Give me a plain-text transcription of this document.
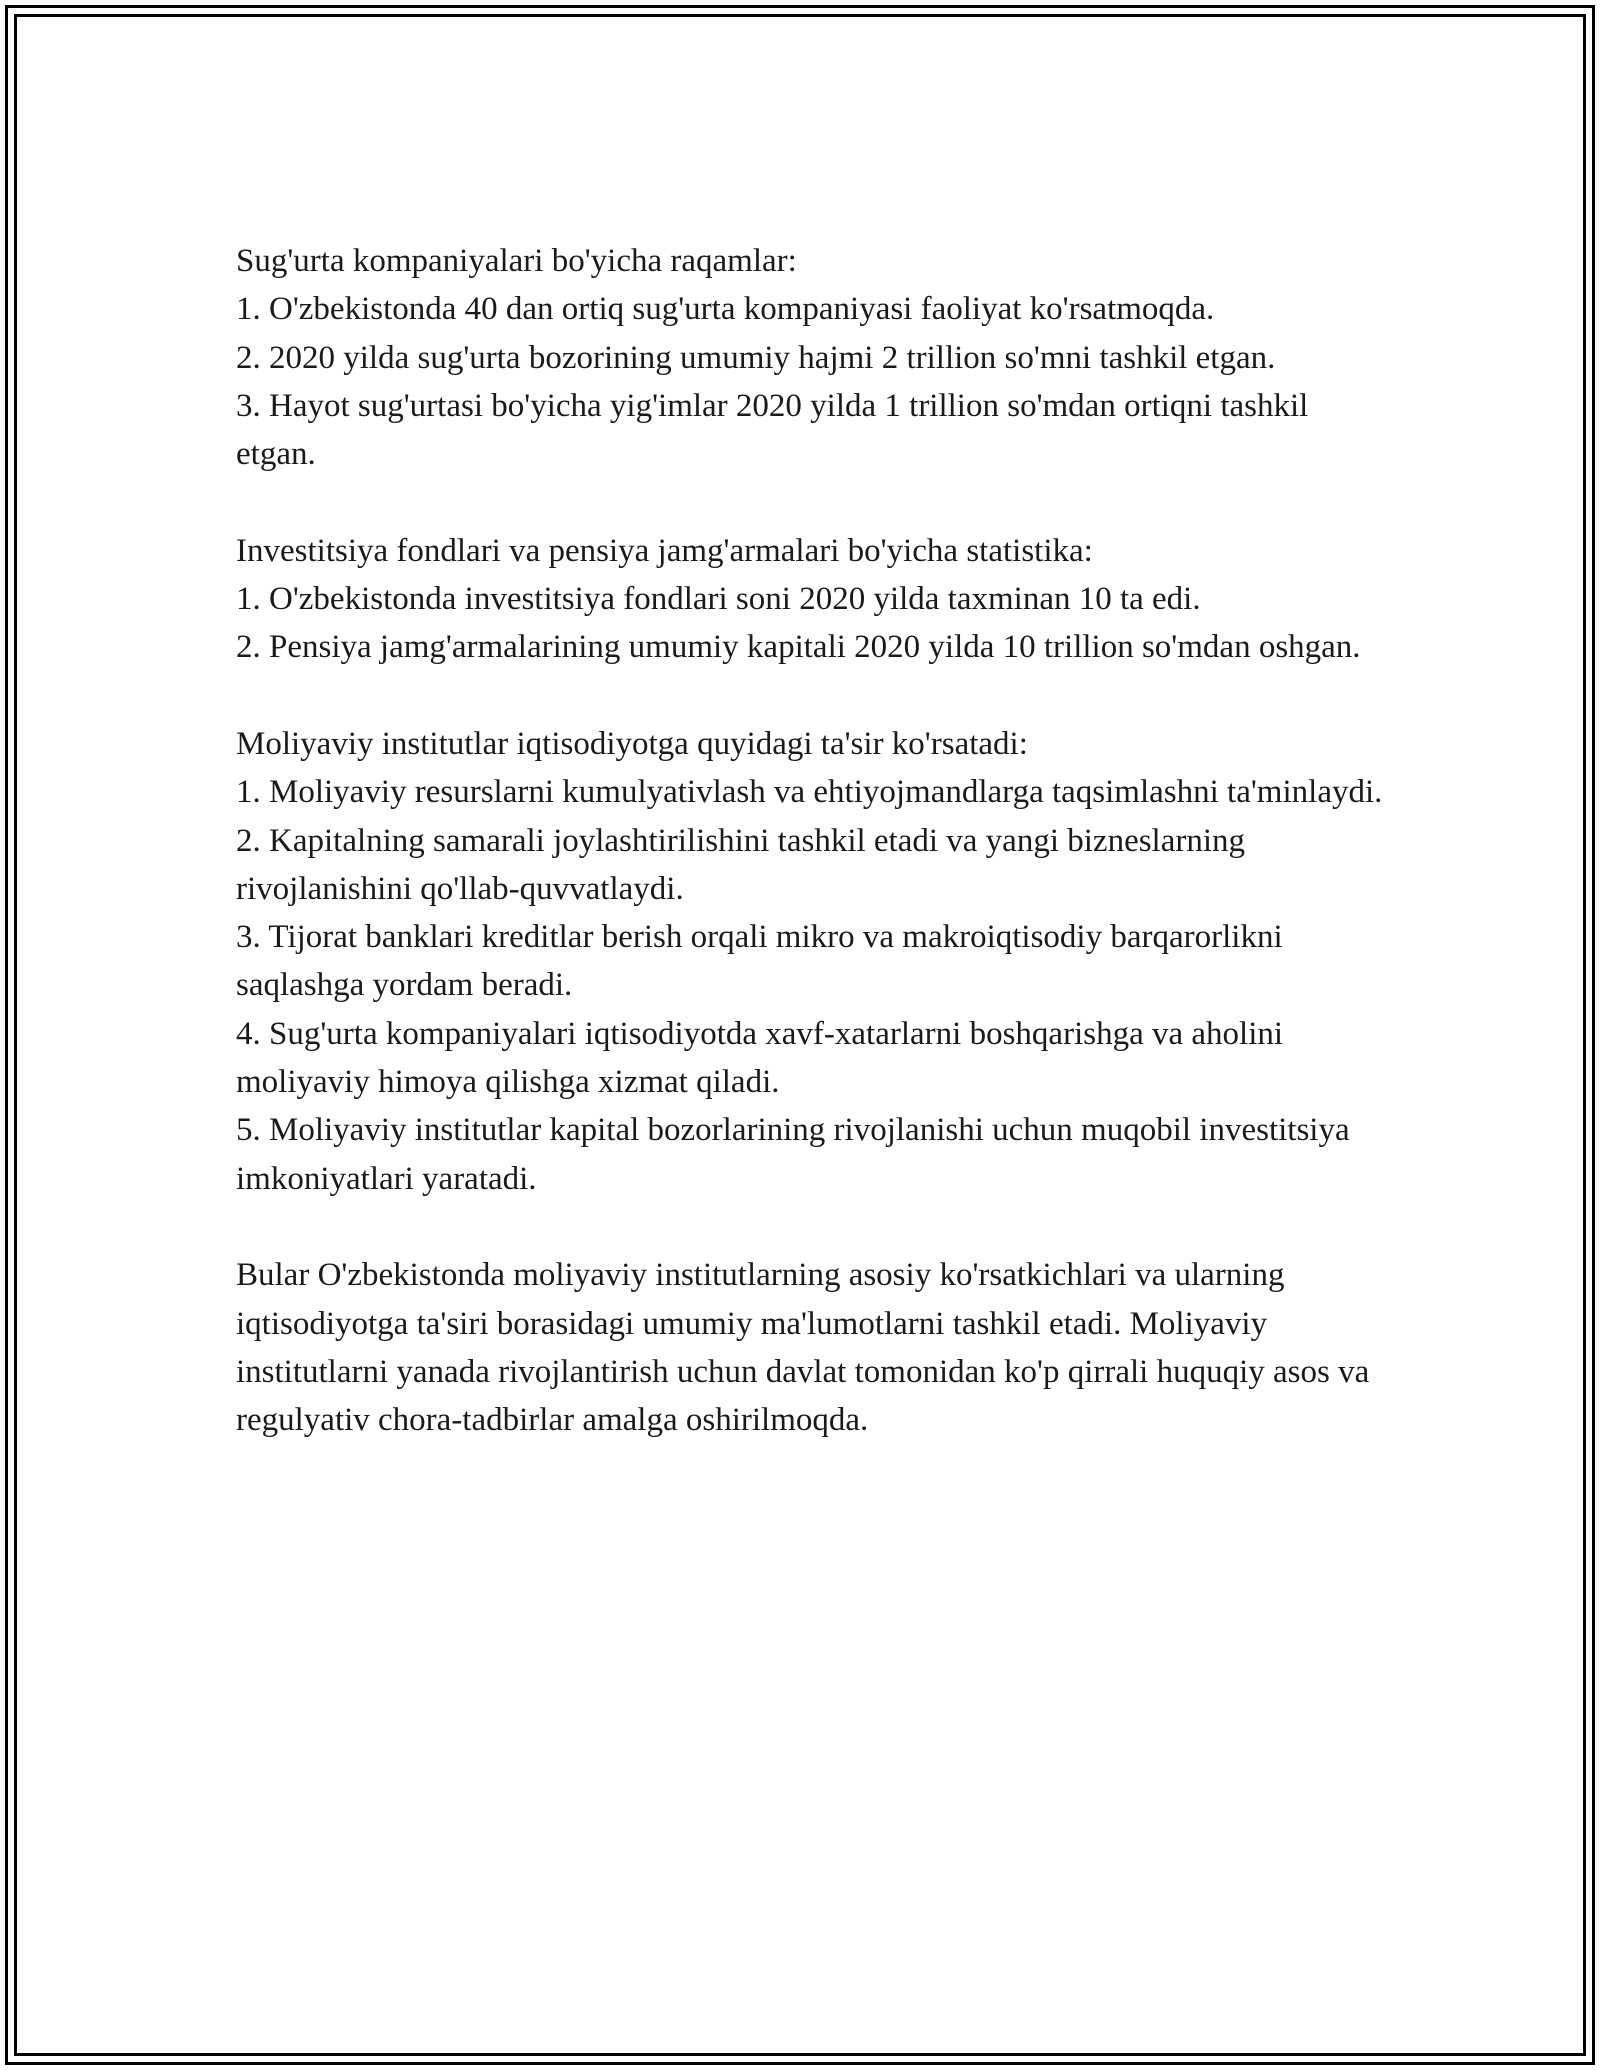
Sug'urta kompaniyalari bo'yicha raqamlar:

1. O'zbekistonda 40 dan ortiq sug'urta kompaniyasi faoliyat ko'rsatmoqda.

2. 2020 yilda sug'urta bozorining umumiy hajmi 2 trillion so'mni tashkil etgan.

3. Hayot sug'urtasi bo'yicha yig'imlar 2020 yilda 1 trillion so'mdan ortiqni tashkil etgan.

Investitsiya fondlari va pensiya jamg'armalari bo'yicha statistika:

1. O'zbekistonda investitsiya fondlari soni 2020 yilda taxminan 10 ta edi.

2. Pensiya jamg'armalarining umumiy kapitali 2020 yilda 10 trillion so'mdan oshgan.

Moliyaviy institutlar iqtisodiyotga quyidagi ta'sir ko'rsatadi:

1. Moliyaviy resurslarni kumulyativlash va ehtiyojmandlarga taqsimlashni ta'minlaydi.

2. Kapitalning samarali joylashtirilishini tashkil etadi va yangi bizneslarning rivojlanishini qo'llab-quvvatlaydi.

3. Tijorat banklari kreditlar berish orqali mikro va makroiqtisodiy barqarorlikni saqlashga yordam beradi.

4. Sug'urta kompaniyalari iqtisodiyotda xavf-xatarlarni boshqarishga va aholini moliyaviy himoya qilishga xizmat qiladi.

5. Moliyaviy institutlar kapital bozorlarining rivojlanishi uchun muqobil investitsiya imkoniyatlari yaratadi.

Bular O'zbekistonda moliyaviy institutlarning asosiy ko'rsatkichlari va ularning iqtisodiyotga ta'siri borasidagi umumiy ma'lumotlarni tashkil etadi. Moliyaviy institutlarni yanada rivojlantirish uchun davlat tomonidan ko'p qirrali huquqiy asos va regulyativ chora-tadbirlar amalga oshirilmoqda.
